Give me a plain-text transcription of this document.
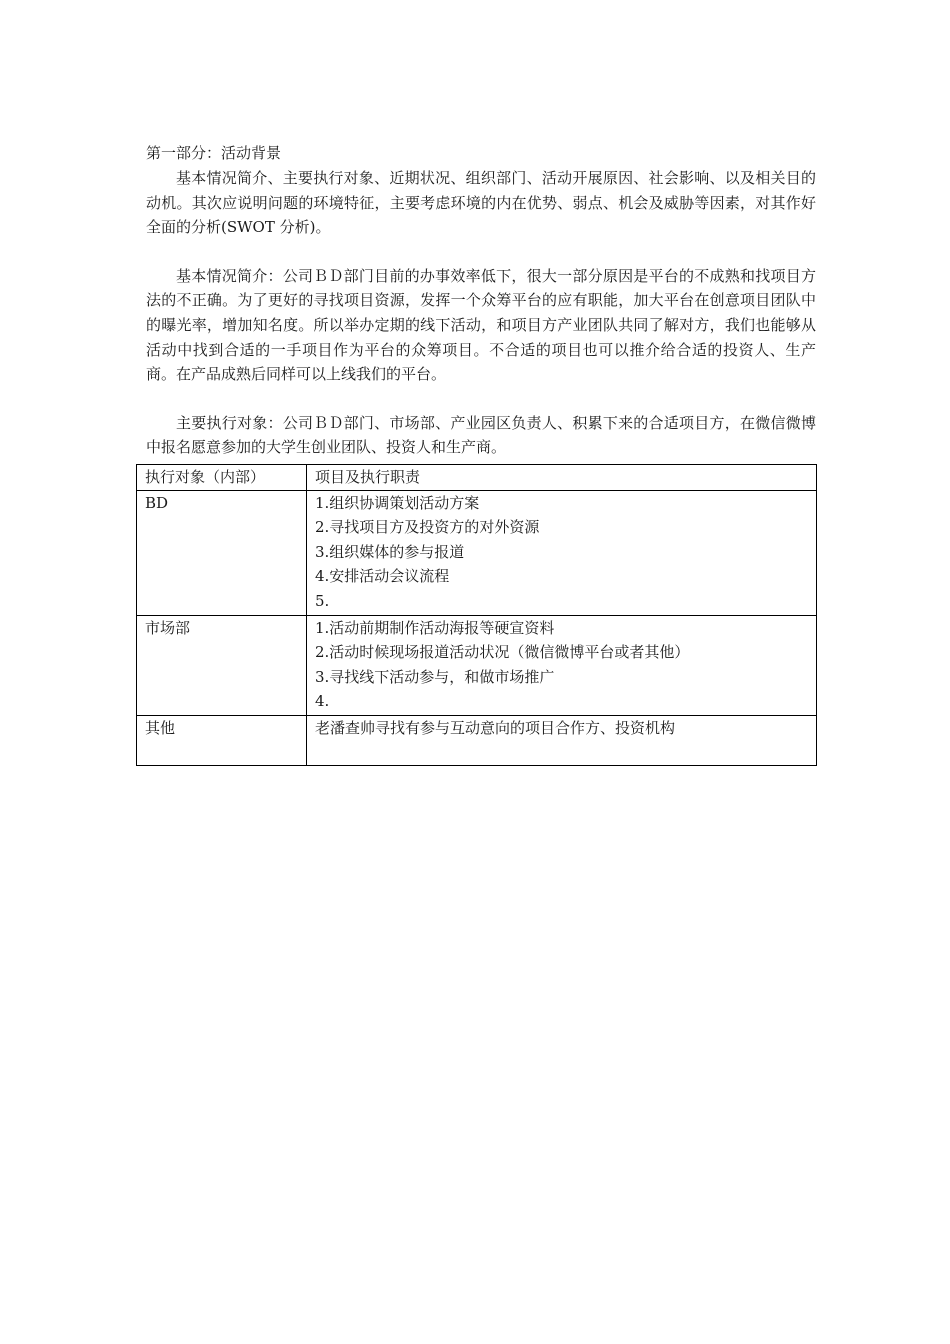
第一部分：活动背景

基本情况简介、主要执行对象、近期状况、组织部门、活动开展原因、社会影响、以及相关目的动机。其次应说明问题的环境特征，主要考虑环境的内在优势、弱点、机会及威胁等因素，对其作好全面的分析(SWOT 分析)。

基本情况简介：公司ＢＤ部门目前的办事效率低下，很大一部分原因是平台的不成熟和找项目方法的不正确。为了更好的寻找项目资源，发挥一个众筹平台的应有职能，加大平台在创意项目团队中的曝光率，增加知名度。所以举办定期的线下活动，和项目方产业团队共同了解对方，我们也能够从活动中找到合适的一手项目作为平台的众筹项目。不合适的项目也可以推介给合适的投资人、生产商。在产品成熟后同样可以上线我们的平台。

主要执行对象：公司ＢＤ部门、市场部、产业园区负责人、积累下来的合适项目方，在微信微博中报名愿意参加的大学生创业团队、投资人和生产商。

执行对象（内部）	项目及执行职责
BD	1.组织协调策划活动方案
2.寻找项目方及投资方的对外资源
3.组织媒体的参与报道
4.安排活动会议流程
5.

市场部	1.活动前期制作活动海报等硬宣资料
2.活动时候现场报道活动状况（微信微博平台或者其他）
3.寻找线下活动参与，和做市场推广
4.

其他	老潘查帅寻找有参与互动意向的项目合作方、投资机构
